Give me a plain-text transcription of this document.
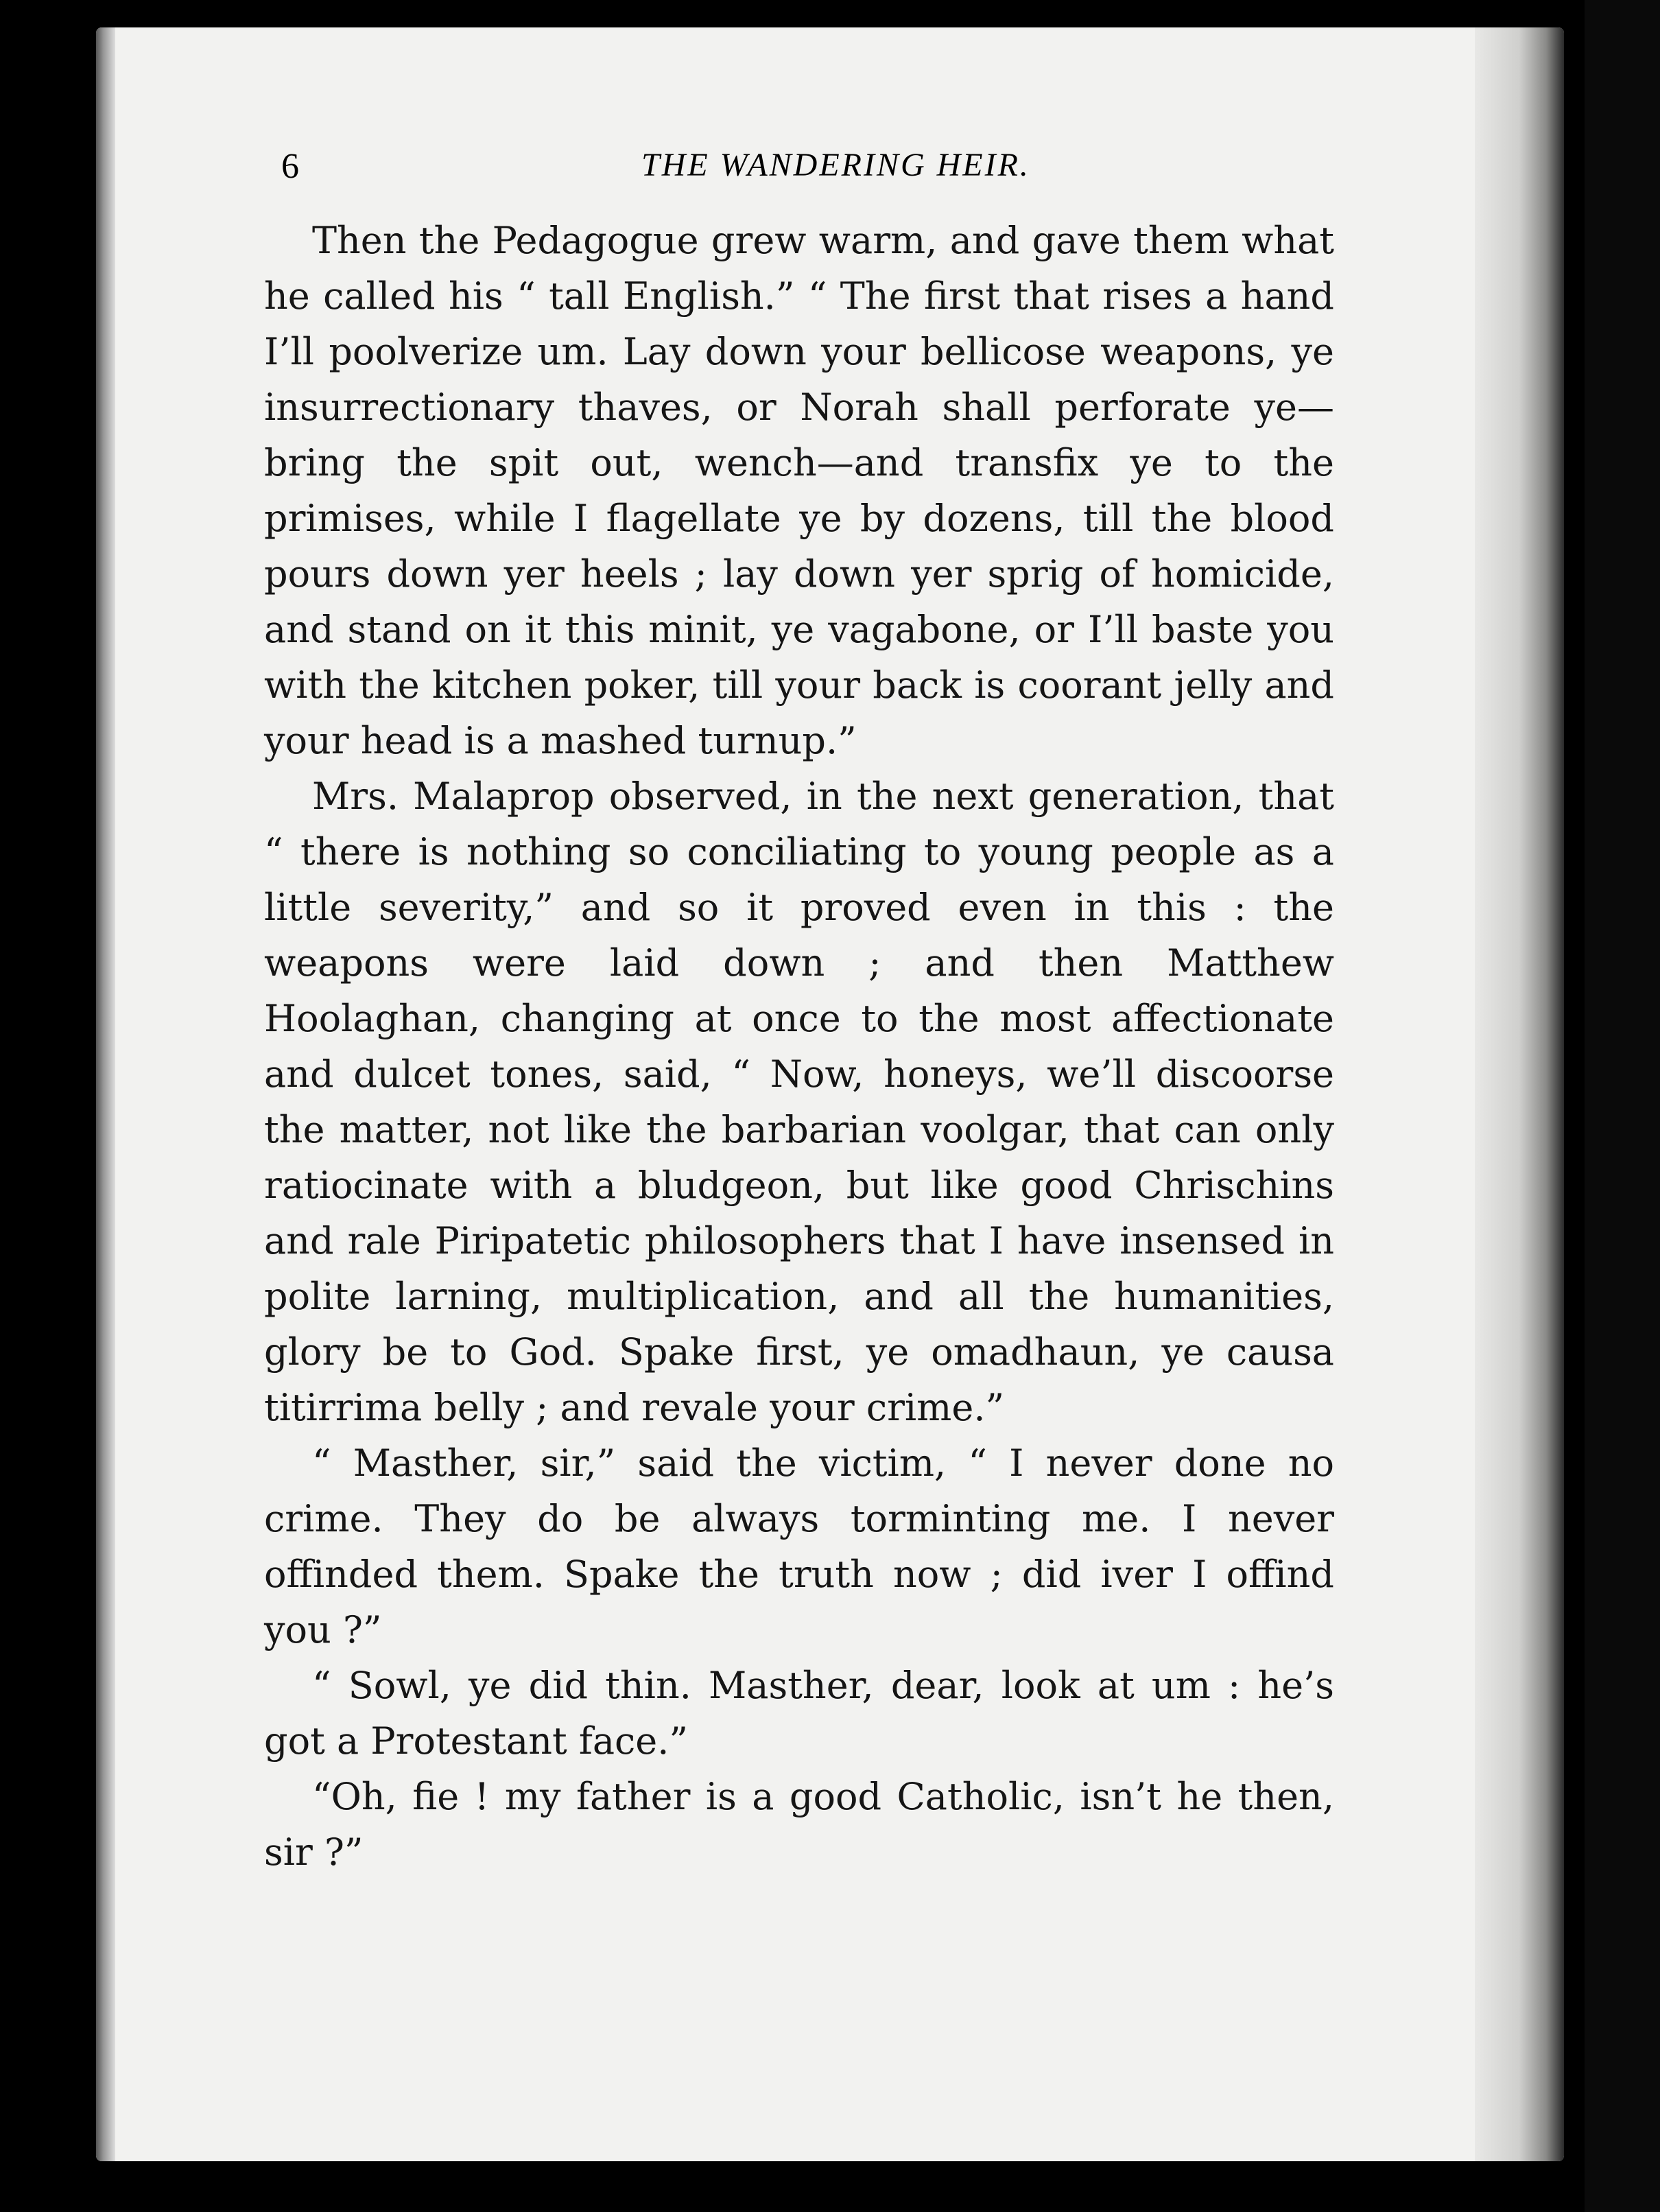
6	THE WANDERING HEIR.

Then the Pedagogue grew warm, and gave them what he called his “ tall English.” “ The first that rises a hand I’ll poolverize um. Lay down your bellicose weapons, ye insurrectionary thaves, or Norah shall perforate ye—bring the spit out, wench—and transfix ye to the primises, while I flagellate ye by dozens, till the blood pours down yer heels ; lay down yer sprig of homicide, and stand on it this minit, ye vagabone, or I’ll baste you with the kitchen poker, till your back is coorant jelly and your head is a mashed turnup.”

Mrs. Malaprop observed, in the next generation, that “ there is nothing so conciliating to young people as a little severity,” and so it proved even in this : the weapons were laid down ; and then Matthew Hoolaghan, changing at once to the most affectionate and dulcet tones, said, “ Now, honeys, we’ll discoorse the matter, not like the barbarian voolgar, that can only ratiocinate with a bludgeon, but like good Chrischins and rale Piripatetic philosophers that I have insensed in polite larning, multiplication, and all the humanities, glory be to God. Spake first, ye omadhaun, ye causa titirrima belly ; and revale your crime.”

“ Masther, sir,” said the victim, “ I never done no crime. They do be always torminting me. I never offinded them. Spake the truth now ; did iver I offind you ?”

“ Sowl, ye did thin. Masther, dear, look at um : he’s got a Protestant face.”

“Oh, fie ! my father is a good Catholic, isn’t he then, sir ?”
